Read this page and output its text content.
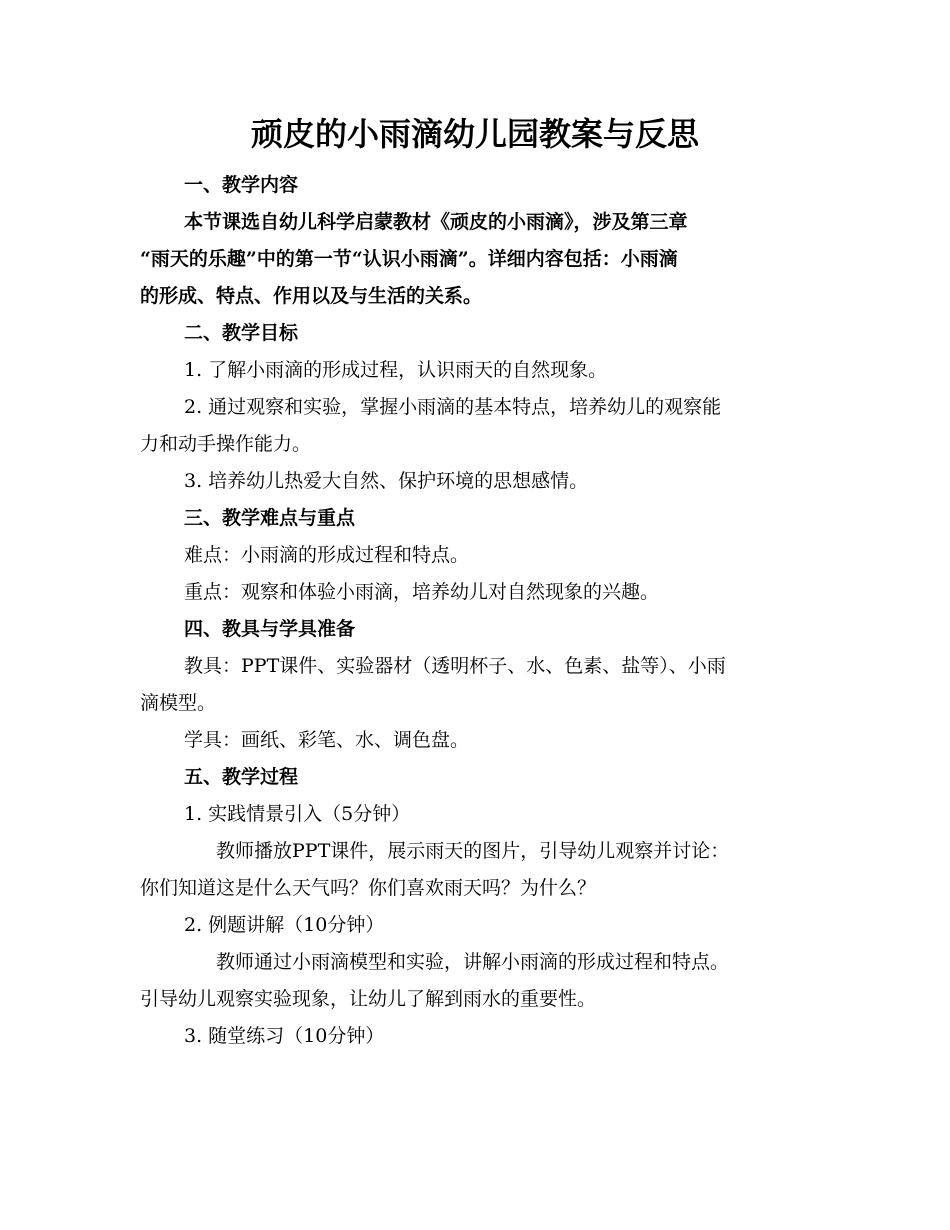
顽皮的小雨滴幼儿园教案与反思
一、教学内容
本节课选自幼儿科学启蒙教材《顽皮的小雨滴》，涉及第三章
“雨天的乐趣”中的第一节“认识小雨滴”。详细内容包括：小雨滴
的形成、特点、作用以及与生活的关系。
二、教学目标
1. 了解小雨滴的形成过程，认识雨天的自然现象。
2. 通过观察和实验，掌握小雨滴的基本特点，培养幼儿的观察能
力和动手操作能力。
3. 培养幼儿热爱大自然、保护环境的思想感情。
三、教学难点与重点
难点：小雨滴的形成过程和特点。
重点：观察和体验小雨滴，培养幼儿对自然现象的兴趣。
四、教具与学具准备
教具：PPT课件、实验器材（透明杯子、水、色素、盐等）、小雨
滴模型。
学具：画纸、彩笔、水、调色盘。
五、教学过程
1. 实践情景引入（5分钟）
教师播放PPT课件，展示雨天的图片，引导幼儿观察并讨论：
你们知道这是什么天气吗？你们喜欢雨天吗？为什么？
2. 例题讲解（10分钟）
教师通过小雨滴模型和实验，讲解小雨滴的形成过程和特点。
引导幼儿观察实验现象，让幼儿了解到雨水的重要性。
3. 随堂练习（10分钟）
